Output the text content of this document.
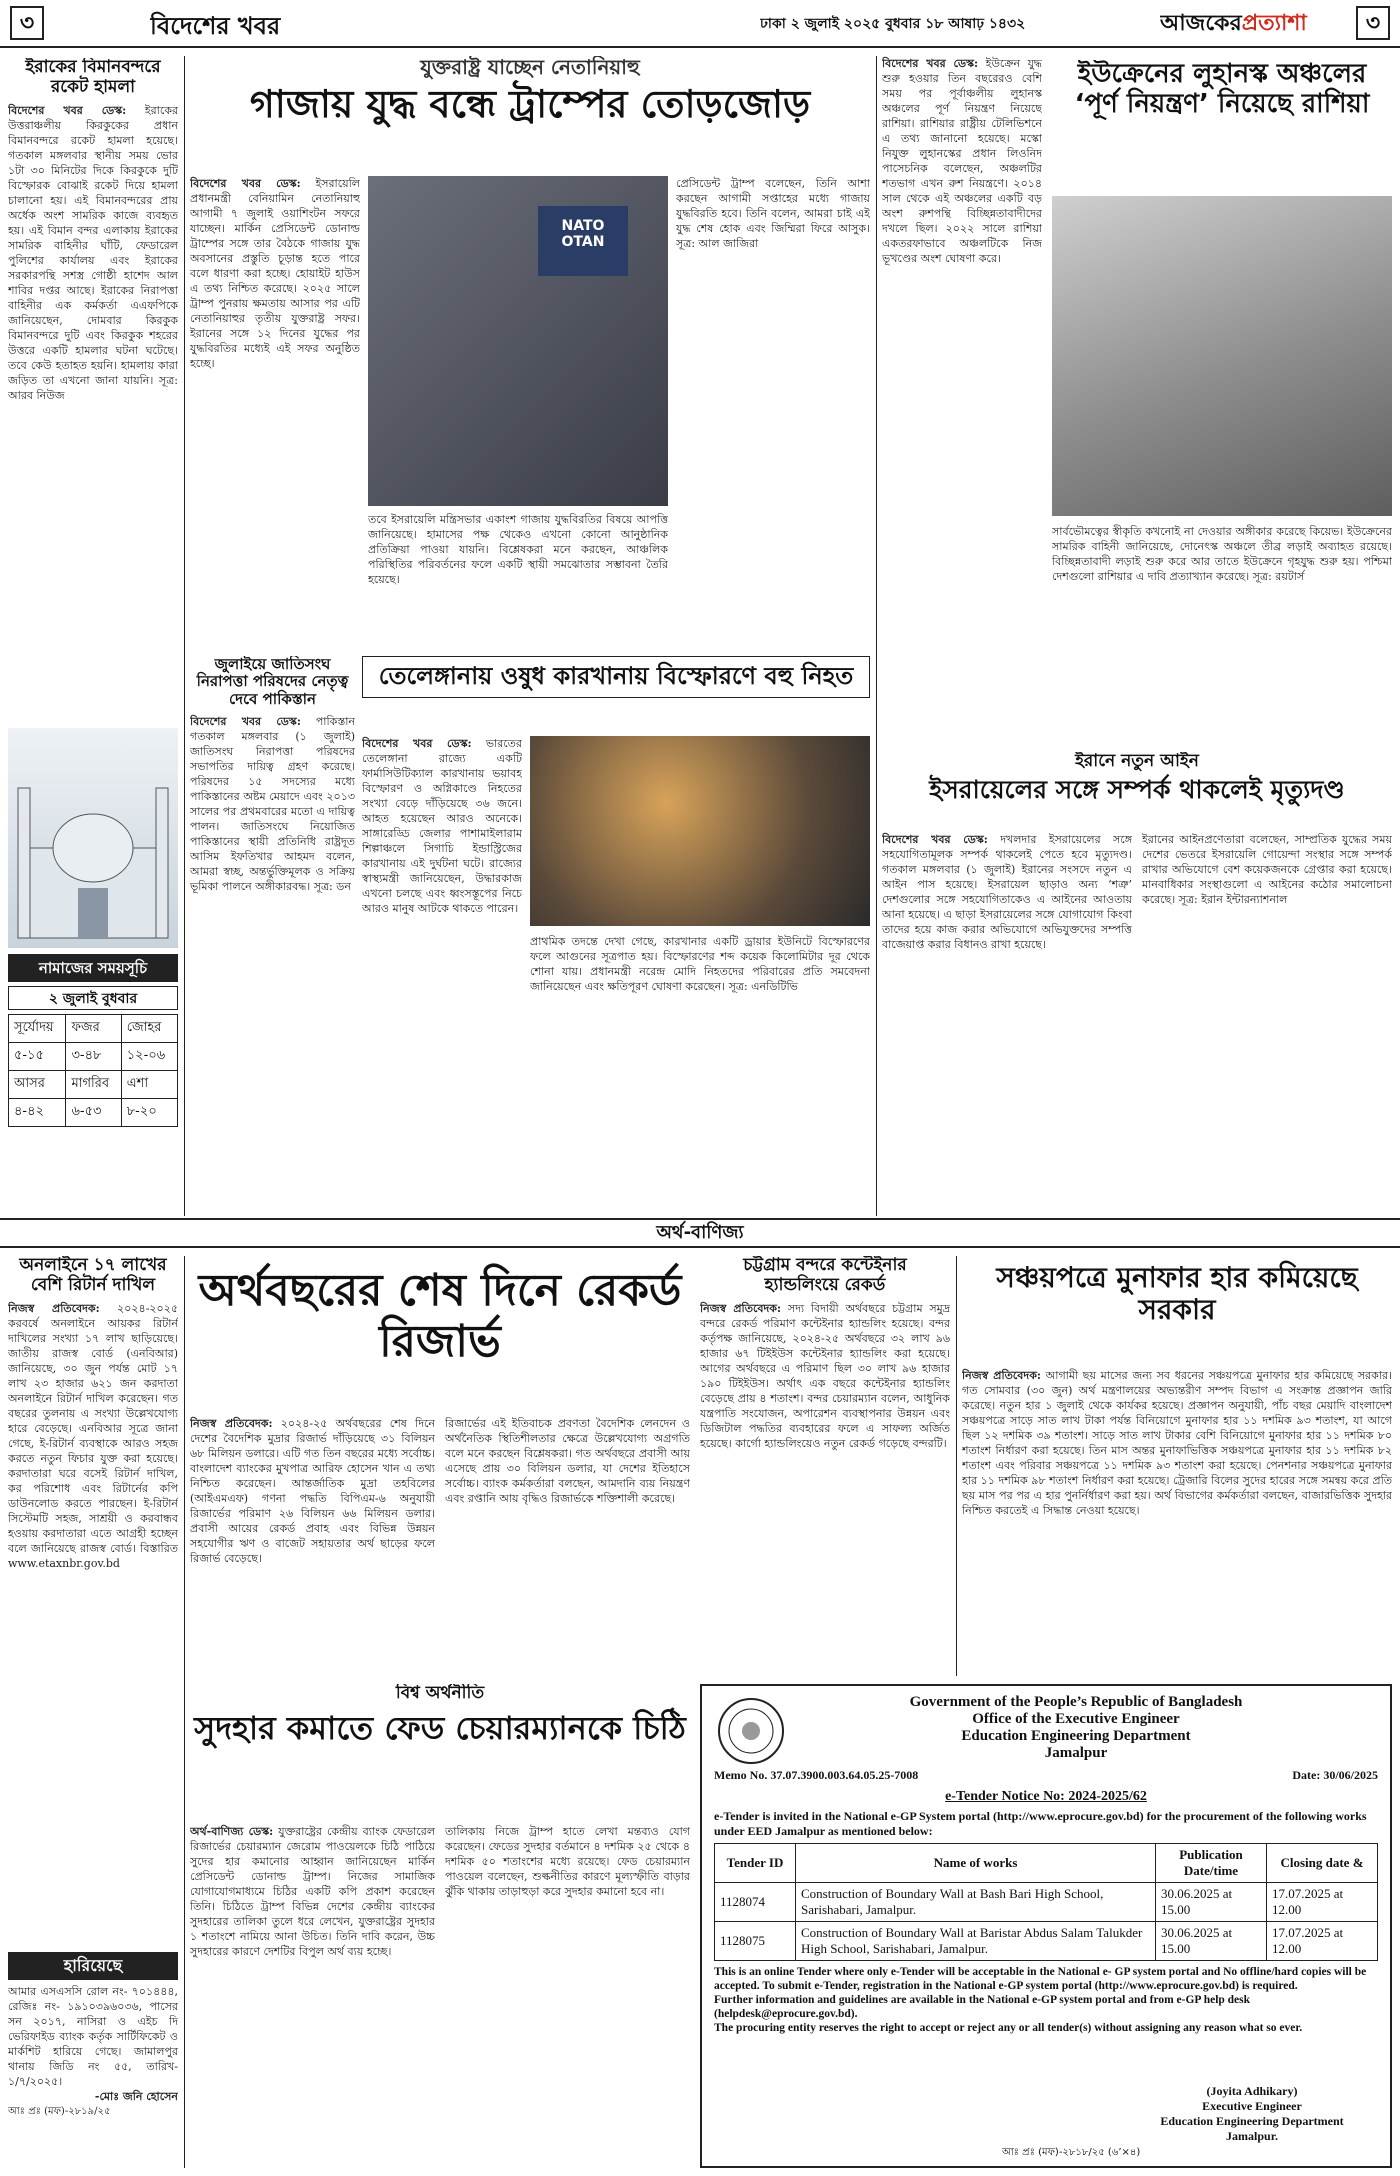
৩	বিদেশের খবর	ঢাকা ২ জুলাই ২০২৫ বুধবার ১৮ আষাঢ় ১৪৩২	আজকেরপ্রত্যাশা	৩
ইরাকের বিমানবন্দরে রকেট হামলা
বিদেশের খবর ডেস্ক: ইরাকের উত্তরাঞ্চলীয় কিরকুকের প্রধান বিমানবন্দরে রকেট হামলা হয়েছে। গতকাল মঙ্গলবার স্থানীয় সময় ভোর ১টা ৩০ মিনিটের দিকে কিরকুকে দুটি বিস্ফোরক বোঝাই রকেট দিয়ে হামলা চালানো হয়। এই বিমানবন্দরের প্রায় অর্ধেক অংশ সামরিক কাজে ব্যবহৃত হয়। এই বিমান বন্দর এলাকায় ইরাকের সামরিক বাহিনীর ঘাঁটি, ফেডারেল পুলিশের কার্যালয় এবং ইরাকের সরকারপন্থি সশস্ত্র গোষ্ঠী হাশেদ আল শাবির দপ্তর আছে। ইরাকের নিরাপত্তা বাহিনীর এক কর্মকর্তা এএফপিকে জানিয়েছেন, দোমবার কিরকুক বিমানবন্দরে দুটি এবং কিরকুক শহরের উত্তরে একটি হামলার ঘটনা ঘটেছে। তবে কেউ হতাহত হয়নি। হামলায় কারা জড়িত তা এখনো জানা যায়নি। সূত্র: আরব নিউজ
যুক্তরাষ্ট্র যাচ্ছেন নেতানিয়াহু
গাজায় যুদ্ধ বন্ধে ট্রাম্পের তোড়জোড়
বিদেশের খবর ডেস্ক: ইসরায়েলি প্রধানমন্ত্রী বেনিয়ামিন নেতানিয়াহু আগামী ৭ জুলাই ওয়াশিংটন সফরে যাচ্ছেন। মার্কিন প্রেসিডেন্ট ডোনাল্ড ট্রাম্পের সঙ্গে তার বৈঠকে গাজায় যুদ্ধ অবসানের প্রস্তুতি চূড়ান্ত হতে পারে বলে ধারণা করা হচ্ছে। হোয়াইট হাউস এ তথ্য নিশ্চিত করেছে। ২০২৫ সালে ট্রাম্প পুনরায় ক্ষমতায় আসার পর এটি নেতানিয়াহুর তৃতীয় যুক্তরাষ্ট্র সফর। ইরানের সঙ্গে ১২ দিনের যুদ্ধের পর যুদ্ধবিরতির মধ্যেই এই সফর অনুষ্ঠিত হচ্ছে।
NATO
OTAN
তবে ইসরায়েলি মন্ত্রিসভার একাংশ গাজায় যুদ্ধবিরতির বিষয়ে আপত্তি জানিয়েছে। হামাসের পক্ষ থেকেও এখনো কোনো আনুষ্ঠানিক প্রতিক্রিয়া পাওয়া যায়নি। বিশ্লেষকরা মনে করছেন, আঞ্চলিক পরিস্থিতির পরিবর্তনের ফলে একটি স্থায়ী সমঝোতার সম্ভাবনা তৈরি হয়েছে।
প্রেসিডেন্ট ট্রাম্প বলেছেন, তিনি আশা করছেন আগামী সপ্তাহের মধ্যে গাজায় যুদ্ধবিরতি হবে। তিনি বলেন, আমরা চাই এই যুদ্ধ শেষ হোক এবং জিম্মিরা ফিরে আসুক। সূত্র: আল জাজিরা
জুলাইয়ে জাতিসংঘ নিরাপত্তা পরিষদের নেতৃত্ব দেবে পাকিস্তান
বিদেশের খবর ডেস্ক: পাকিস্তান গতকাল মঙ্গলবার (১ জুলাই) জাতিসংঘ নিরাপত্তা পরিষদের সভাপতির দায়িত্ব গ্রহণ করেছে। পরিষদের ১৫ সদস্যের মধ্যে পাকিস্তানের অষ্টম মেয়াদে এবং ২০১৩ সালের পর প্রথমবারের মতো এ দায়িত্ব পালন। জাতিসংঘে নিয়োজিত পাকিস্তানের স্থায়ী প্রতিনিধি রাষ্ট্রদূত আসিম ইফতিখার আহমদ বলেন, আমরা স্বচ্ছ, অন্তর্ভুক্তিমূলক ও সক্রিয় ভূমিকা পালনে অঙ্গীকারবদ্ধ। সূত্র: ডন
তেলেঙ্গানায় ওষুধ কারখানায় বিস্ফোরণে বহু নিহত
বিদেশের খবর ডেস্ক: ভারতের তেলেঙ্গানা রাজ্যে একটি ফার্মাসিউটিক্যাল কারখানায় ভয়াবহ বিস্ফোরণ ও অগ্নিকাণ্ডে নিহতের সংখ্যা বেড়ে দাঁড়িয়েছে ৩৬ জনে। আহত হয়েছেন আরও অনেকে। সাঙ্গারেড্ডি জেলার পাশামাইলারাম শিল্পাঞ্চলে সিগাচি ইন্ডাস্ট্রিজের কারখানায় এই দুর্ঘটনা ঘটে। রাজ্যের স্বাস্থ্যমন্ত্রী জানিয়েছেন, উদ্ধারকাজ এখনো চলছে এবং ধ্বংসস্তূপের নিচে আরও মানুষ আটকে থাকতে পারেন।
প্রাথমিক তদন্তে দেখা গেছে, কারখানার একটি ড্রায়ার ইউনিটে বিস্ফোরণের ফলে আগুনের সূত্রপাত হয়। বিস্ফোরণের শব্দ কয়েক কিলোমিটার দূর থেকে শোনা যায়। প্রধানমন্ত্রী নরেন্দ্র মোদি নিহতদের পরিবারের প্রতি সমবেদনা জানিয়েছেন এবং ক্ষতিপূরণ ঘোষণা করেছেন। সূত্র: এনডিটিভি
বিদেশের খবর ডেস্ক: ইউক্রেন যুদ্ধ শুরু হওয়ার তিন বছরেরও বেশি সময় পর পূর্বাঞ্চলীয় লুহানস্ক অঞ্চলের পূর্ণ নিয়ন্ত্রণ নিয়েছে রাশিয়া। রাশিয়ার রাষ্ট্রীয় টেলিভিশনে এ তথ্য জানানো হয়েছে। মস্কো নিযুক্ত লুহানস্কের প্রধান লিওনিদ পাসেচনিক বলেছেন, অঞ্চলটির শতভাগ এখন রুশ নিয়ন্ত্রণে। ২০১৪ সাল থেকে এই অঞ্চলের একটি বড় অংশ রুশপন্থি বিচ্ছিন্নতাবাদীদের দখলে ছিল। ২০২২ সালে রাশিয়া একতরফাভাবে অঞ্চলটিকে নিজ ভূখণ্ডের অংশ ঘোষণা করে।
ইউক্রেনের লুহানস্ক অঞ্চলের ‘পূর্ণ নিয়ন্ত্রণ’ নিয়েছে রাশিয়া
সার্বভৌমত্বের স্বীকৃতি কখনোই না দেওয়ার অঙ্গীকার করেছে কিয়েভ। ইউক্রেনের সামরিক বাহিনী জানিয়েছে, দোনেৎস্ক অঞ্চলে তীব্র লড়াই অব্যাহত রয়েছে। বিচ্ছিন্নতাবাদী লড়াই শুরু করে আর তাতে ইউক্রেনে গৃহযুদ্ধ শুরু হয়। পশ্চিমা দেশগুলো রাশিয়ার এ দাবি প্রত্যাখ্যান করেছে। সূত্র: রয়টার্স
ইরানে নতুন আইন
ইসরায়েলের সঙ্গে সম্পর্ক থাকলেই মৃত্যুদণ্ড
বিদেশের খবর ডেস্ক: দখলদার ইসরায়েলের সঙ্গে সহযোগিতামূলক সম্পর্ক থাকলেই পেতে হবে মৃত্যুদণ্ড। গতকাল মঙ্গলবার (১ জুলাই) ইরানের সংসদে নতুন এ আইন পাস হয়েছে। ইসরায়েল ছাড়াও অন্য ‘শত্রু’ দেশগুলোর সঙ্গে সহযোগিতাকেও এ আইনের আওতায় আনা হয়েছে। এ ছাড়া ইসরায়েলের সঙ্গে যোগাযোগ কিংবা তাদের হয়ে কাজ করার অভিযোগে অভিযুক্তদের সম্পত্তি বাজেয়াপ্ত করার বিধানও রাখা হয়েছে।
ইরানের আইনপ্রণেতারা বলেছেন, সাম্প্রতিক যুদ্ধের সময় দেশের ভেতরে ইসরায়েলি গোয়েন্দা সংস্থার সঙ্গে সম্পর্ক রাখার অভিযোগে বেশ কয়েকজনকে গ্রেপ্তার করা হয়েছে। মানবাধিকার সংস্থাগুলো এ আইনের কঠোর সমালোচনা করেছে। সূত্র: ইরান ইন্টারন্যাশনাল
নামাজের সময়সূচি
২ জুলাই বুধবার
সূর্যোদয়	ফজর	জোহর
৫-১৫	৩-৪৮	১২-০৬
আসর	মাগরিব	এশা
৪-৪২	৬-৫৩	৮-২০
অর্থ-বাণিজ্য
অনলাইনে ১৭ লাখের বেশি রিটার্ন দাখিল
নিজস্ব প্রতিবেদক: ২০২৪-২০২৫ করবর্ষে অনলাইনে আয়কর রিটার্ন দাখিলের সংখ্যা ১৭ লাখ ছাড়িয়েছে। জাতীয় রাজস্ব বোর্ড (এনবিআর) জানিয়েছে, ৩০ জুন পর্যন্ত মোট ১৭ লাখ ২৩ হাজার ৬২১ জন করদাতা অনলাইনে রিটার্ন দাখিল করেছেন। গত বছরের তুলনায় এ সংখ্যা উল্লেখযোগ্য হারে বেড়েছে। এনবিআর সূত্রে জানা গেছে, ই-রিটার্ন ব্যবস্থাকে আরও সহজ করতে নতুন ফিচার যুক্ত করা হয়েছে। করদাতারা ঘরে বসেই রিটার্ন দাখিল, কর পরিশোধ এবং রিটার্নের কপি ডাউনলোড করতে পারছেন। ই-রিটার্ন সিস্টেমটি সহজ, সাশ্রয়ী ও করবান্ধব হওয়ায় করদাতারা এতে আগ্রহী হচ্ছেন বলে জানিয়েছে রাজস্ব বোর্ড। বিস্তারিত www.etaxnbr.gov.bd
অর্থবছরের শেষ দিনে রেকর্ড রিজার্ভ
নিজস্ব প্রতিবেদক: ২০২৪-২৫ অর্থবছরের শেষ দিনে দেশের বৈদেশিক মুদ্রার রিজার্ভ দাঁড়িয়েছে ৩১ বিলিয়ন ৬৮ মিলিয়ন ডলারে। এটি গত তিন বছরের মধ্যে সর্বোচ্চ। বাংলাদেশ ব্যাংকের মুখপাত্র আরিফ হোসেন খান এ তথ্য নিশ্চিত করেছেন। আন্তর্জাতিক মুদ্রা তহবিলের (আইএমএফ) গণনা পদ্ধতি বিপিএম-৬ অনুযায়ী রিজার্ভের পরিমাণ ২৬ বিলিয়ন ৬৬ মিলিয়ন ডলার। প্রবাসী আয়ের রেকর্ড প্রবাহ এবং বিভিন্ন উন্নয়ন সহযোগীর ঋণ ও বাজেট সহায়তার অর্থ ছাড়ের ফলে রিজার্ভ বেড়েছে।
রিজার্ভের এই ইতিবাচক প্রবণতা বৈদেশিক লেনদেন ও অর্থনৈতিক স্থিতিশীলতার ক্ষেত্রে উল্লেখযোগ্য অগ্রগতি বলে মনে করছেন বিশ্লেষকরা। গত অর্থবছরে প্রবাসী আয় এসেছে প্রায় ৩০ বিলিয়ন ডলার, যা দেশের ইতিহাসে সর্বোচ্চ। ব্যাংক কর্মকর্তারা বলছেন, আমদানি ব্যয় নিয়ন্ত্রণ এবং রপ্তানি আয় বৃদ্ধিও রিজার্ভকে শক্তিশালী করেছে।
চট্টগ্রাম বন্দরে কন্টেইনার
হ্যান্ডলিংয়ে রেকর্ড
নিজস্ব প্রতিবেদক: সদ্য বিদায়ী অর্থবছরে চট্টগ্রাম সমুদ্র বন্দরে রেকর্ড পরিমাণ কন্টেইনার হ্যান্ডলিং হয়েছে। বন্দর কর্তৃপক্ষ জানিয়েছে, ২০২৪-২৫ অর্থবছরে ৩২ লাখ ৯৬ হাজার ৬৭ টিইইউস কন্টেইনার হ্যান্ডলিং করা হয়েছে। আগের অর্থবছরে এ পরিমাণ ছিল ৩০ লাখ ৯৬ হাজার ১৯০ টিইইউস। অর্থাৎ এক বছরে কন্টেইনার হ্যান্ডলিং বেড়েছে প্রায় ৪ শতাংশ। বন্দর চেয়ারম্যান বলেন, আধুনিক যন্ত্রপাতি সংযোজন, অপারেশন ব্যবস্থাপনার উন্নয়ন এবং ডিজিটাল পদ্ধতির ব্যবহারের ফলে এ সাফল্য অর্জিত হয়েছে। কার্গো হ্যান্ডলিংয়েও নতুন রেকর্ড গড়েছে বন্দরটি।
সঞ্চয়পত্রে মুনাফার হার কমিয়েছে সরকার
নিজস্ব প্রতিবেদক: আগামী ছয় মাসের জন্য সব ধরনের সঞ্চয়পত্রে মুনাফার হার কমিয়েছে সরকার। গত সোমবার (৩০ জুন) অর্থ মন্ত্রণালয়ের অভ্যন্তরীণ সম্পদ বিভাগ এ সংক্রান্ত প্রজ্ঞাপন জারি করেছে। নতুন হার ১ জুলাই থেকে কার্যকর হয়েছে। প্রজ্ঞাপন অনুযায়ী, পাঁচ বছর মেয়াদি বাংলাদেশ সঞ্চয়পত্রে সাড়ে সাত লাখ টাকা পর্যন্ত বিনিয়োগে মুনাফার হার ১১ দশমিক ৯৩ শতাংশ, যা আগে ছিল ১২ দশমিক ৩৯ শতাংশ। সাড়ে সাত লাখ টাকার বেশি বিনিয়োগে মুনাফার হার ১১ দশমিক ৮০ শতাংশ নির্ধারণ করা হয়েছে। তিন মাস অন্তর মুনাফাভিত্তিক সঞ্চয়পত্রে মুনাফার হার ১১ দশমিক ৮২ শতাংশ এবং পরিবার সঞ্চয়পত্রে ১১ দশমিক ৯৩ শতাংশ করা হয়েছে। পেনশনার সঞ্চয়পত্রে মুনাফার হার ১১ দশমিক ৯৮ শতাংশ নির্ধারণ করা হয়েছে। ট্রেজারি বিলের সুদের হারের সঙ্গে সমন্বয় করে প্রতি ছয় মাস পর পর এ হার পুনর্নির্ধারণ করা হয়। অর্থ বিভাগের কর্মকর্তারা বলছেন, বাজারভিত্তিক সুদহার নিশ্চিত করতেই এ সিদ্ধান্ত নেওয়া হয়েছে।
বিশ্ব অর্থনীতি
সুদহার কমাতে ফেড চেয়ারম্যানকে চিঠি
অর্থ-বাণিজ্য ডেস্ক: যুক্তরাষ্ট্রের কেন্দ্রীয় ব্যাংক ফেডারেল রিজার্ভের চেয়ারম্যান জেরোম পাওয়েলকে চিঠি পাঠিয়ে সুদের হার কমানোর আহ্বান জানিয়েছেন মার্কিন প্রেসিডেন্ট ডোনাল্ড ট্রাম্প। নিজের সামাজিক যোগাযোগমাধ্যমে চিঠির একটি কপি প্রকাশ করেছেন তিনি। চিঠিতে ট্রাম্প বিভিন্ন দেশের কেন্দ্রীয় ব্যাংকের সুদহারের তালিকা তুলে ধরে লেখেন, যুক্তরাষ্ট্রের সুদহার ১ শতাংশে নামিয়ে আনা উচিত। তিনি দাবি করেন, উচ্চ সুদহারের কারণে দেশটির বিপুল অর্থ ব্যয় হচ্ছে।
তালিকায় নিজে ট্রাম্প হাতে লেখা মন্তব্যও যোগ করেছেন। ফেডের সুদহার বর্তমানে ৪ দশমিক ২৫ থেকে ৪ দশমিক ৫০ শতাংশের মধ্যে রয়েছে। ফেড চেয়ারম্যান পাওয়েল বলেছেন, শুল্কনীতির কারণে মূল্যস্ফীতি বাড়ার ঝুঁকি থাকায় তাড়াহুড়া করে সুদহার কমানো হবে না।
হারিয়েছে
আমার এসএসসি রোল নং- ৭০১৪৪৪, রেজিঃ নং- ১৯১০৩৯৬০৩৬, পাসের সন ২০১৭, নাসিরা ও এইচ দি ভেরিফাইড ব্যাংক কর্তৃক সার্টিফিকেট ও মার্কশিট হারিয়ে গেছে। জামালপুর থানায় জিডি নং ৫৫, তারিখ- ১/৭/২০২৫।
-মোঃ জনি হোসেন
আঃ প্রঃ (মফ)-২৮১৯/২৫
Government of the People’s Republic of Bangladesh
Office of the Executive Engineer
Education Engineering Department
Jamalpur
Memo No. 37.07.3900.003.64.05.25-7008	Date: 30/06/2025
e-Tender Notice No: 2024-2025/62
e-Tender is invited in the National e-GP System portal (http://www.eprocure.gov.bd) for the procurement of the following works under EED Jamalpur as mentioned below:
Tender ID	Name of works	Publication Date/time	Closing date &
1128074	Construction of Boundary Wall at Bash Bari High School, Sarishabari, Jamalpur.	30.06.2025 at 15.00	17.07.2025 at 12.00
1128075	Construction of Boundary Wall at Baristar Abdus Salam Talukder High School, Sarishabari, Jamalpur.	30.06.2025 at 15.00	17.07.2025 at 12.00
This is an online Tender where only e-Tender will be acceptable in the National e- GP system portal and No offline/hard copies will be accepted. To submit e-Tender, registration in the National e-GP system portal (http://www.eprocure.gov.bd) is required.
Further information and guidelines are available in the National e-GP system portal and from e-GP help desk (helpdesk@eprocure.gov.bd).
The procuring entity reserves the right to accept or reject any or all tender(s) without assigning any reason what so ever.
(Joyita Adhikary)
Executive Engineer
Education Engineering Department
Jamalpur.
আঃ প্রঃ (মফ)-২৮১৮/২৫ (৬’×৪)
